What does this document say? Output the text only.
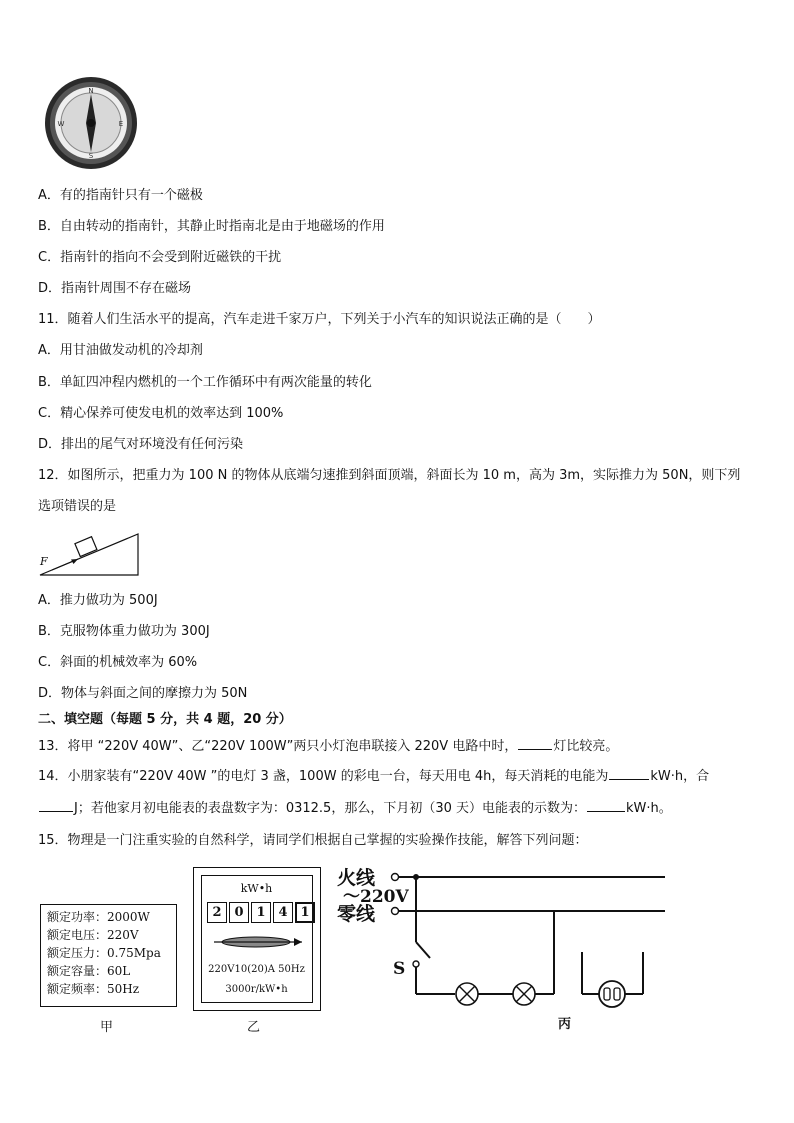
N
E
S
W
A．有的指南针只有一个磁极
B．自由转动的指南针，其静止时指南北是由于地磁场的作用
C．指南针的指向不会受到附近磁铁的干扰
D．指南针周围不存在磁场
11．随着人们生活水平的提高，汽车走进千家万户，下列关于小汽车的知识说法正确的是（　　）
A．用甘油做发动机的冷却剂
B．单缸四冲程内燃机的一个工作循环中有两次能量的转化
C．精心保养可使发电机的效率达到 100%
D．排出的尾气对环境没有任何污染
12．如图所示，把重力为 100 N 的物体从底端匀速推到斜面顶端，斜面长为 10 m，高为 3m，实际推力为 50N，则下列
选项错误的是
F
A．推力做功为 500J
B．克服物体重力做功为 300J
C．斜面的机械效率为 60%
D．物体与斜面之间的摩擦力为 50N
二、填空题（每题 5 分，共 4 题，20 分）
13．将甲 “220V 40W”、乙“220V 100W”两只小灯泡串联接入 220V 电路中时，	灯比较亮。
14．小朋家装有“220V 40W ”的电灯 3 盏，100W 的彩电一台，每天用电 4h，每天消耗的电能为	kW·h，合
J；若他家月初电能表的表盘数字为：0312.5，那么，下月初（30 天）电能表的示数为：	kW·h。
15．物理是一门注重实验的自然科学，请同学们根据自己掌握的实验操作技能，解答下列问题：
额定功率：2000W
额定电压：220V
额定压力：0.75Mpa
额定容量：60L
额定频率：50Hz
甲
kW•h
2 0 1 4 1
220V10(20)A 50Hz
3000r/kW•h
乙
火线
～220V
零线
S
丙
